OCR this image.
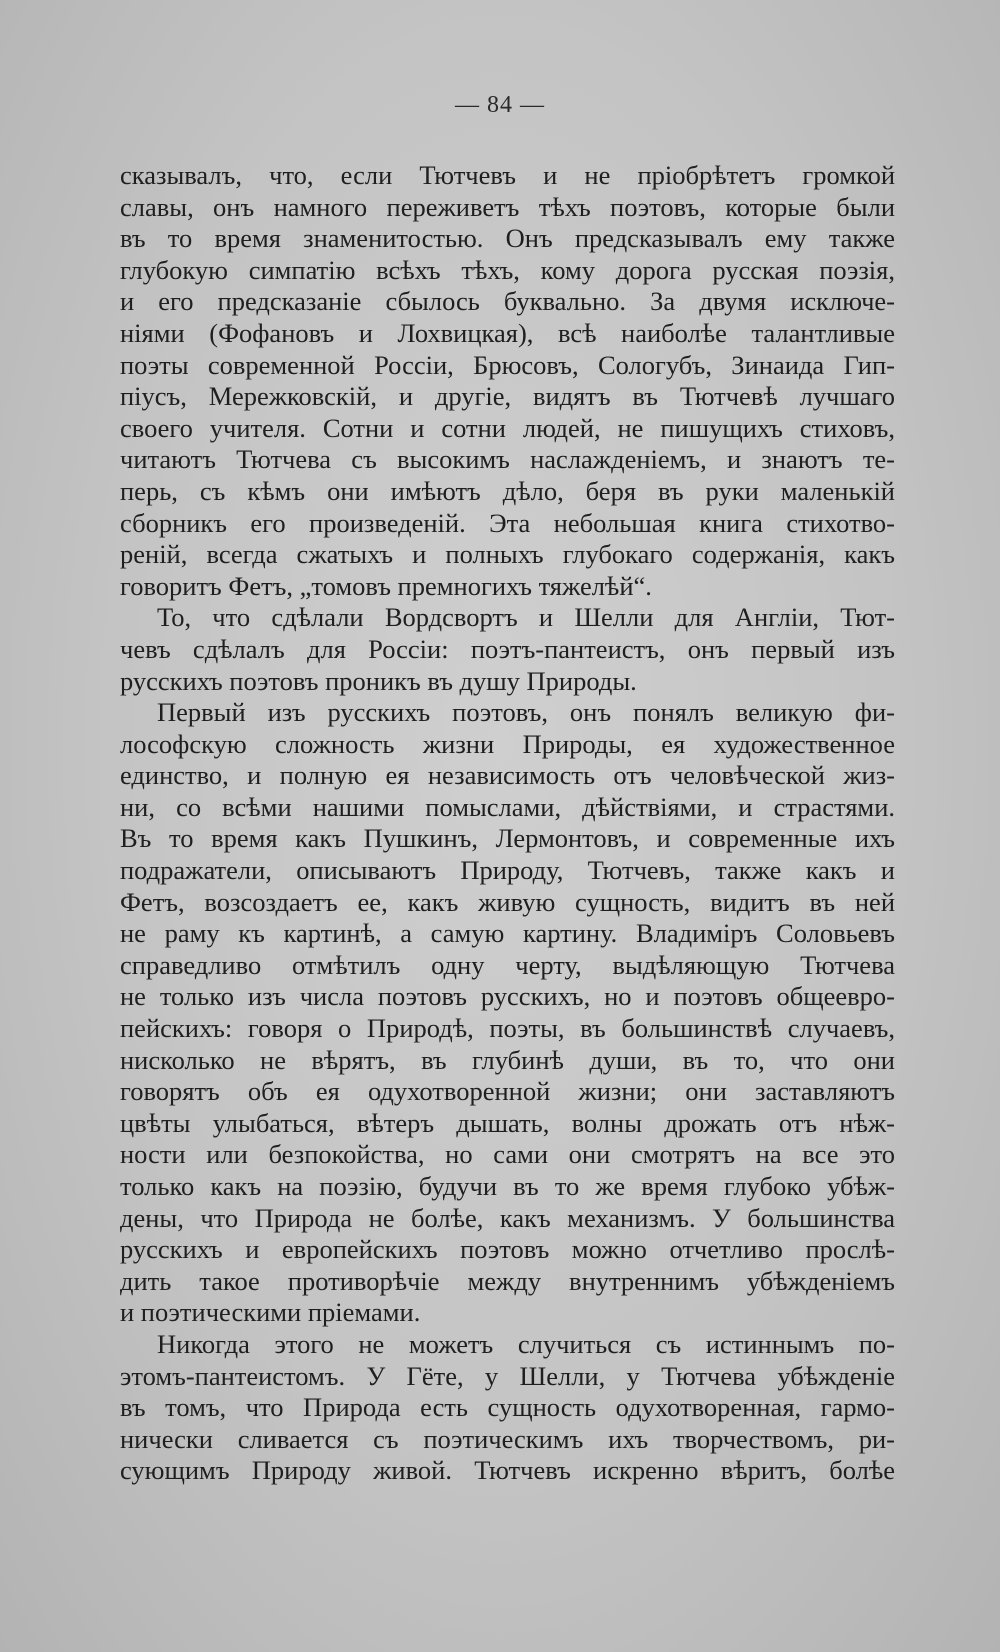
— 84 —

сказывалъ, что, если Тютчевъ и не пріобрѣтетъ громкой
славы, онъ намного переживетъ тѣхъ поэтовъ, которые были
въ то время знаменитостью. Онъ предсказывалъ ему также
глубокую симпатію всѣхъ тѣхъ, кому дорога русская поэзія,
и его предсказаніе сбылось буквально. За двумя исключе-
ніями (Фофановъ и Лохвицкая), всѣ наиболѣе талантливые
поэты современной Россіи, Брюсовъ, Сологубъ, Зинаида Гип-
піусъ, Мережковскій, и другіе, видятъ въ Тютчевѣ лучшаго
своего учителя. Сотни и сотни людей, не пишущихъ стиховъ,
читаютъ Тютчева съ высокимъ наслажденіемъ, и знаютъ те-
перь, съ кѣмъ они имѣютъ дѣло, беря въ руки маленькій
сборникъ его произведеній. Эта небольшая книга стихотво-
реній, всегда сжатыхъ и полныхъ глубокаго содержанія, какъ
говоритъ Фетъ, „томовъ премногихъ тяжелѣй“.

То, что сдѣлали Вордсвортъ и Шелли для Англіи, Тют-
чевъ сдѣлалъ для Россіи: поэтъ-пантеистъ, онъ первый изъ
русскихъ поэтовъ проникъ въ душу Природы.

Первый изъ русскихъ поэтовъ, онъ понялъ великую фи-
лософскую сложность жизни Природы, ея художественное
единство, и полную ея независимость отъ человѣческой жиз-
ни, со всѣми нашими помыслами, дѣйствіями, и страстями.
Въ то время какъ Пушкинъ, Лермонтовъ, и современные ихъ
подражатели, описываютъ Природу, Тютчевъ, также какъ и
Фетъ, возсоздаетъ ее, какъ живую сущность, видитъ въ ней
не раму къ картинѣ, а самую картину. Владиміръ Соловьевъ
справедливо отмѣтилъ одну черту, выдѣляющую Тютчева
не только изъ числа поэтовъ русскихъ, но и поэтовъ общеевро-
пейскихъ: говоря о Природѣ, поэты, въ большинствѣ случаевъ,
нисколько не вѣрятъ, въ глубинѣ души, въ то, что они
говорятъ объ ея одухотворенной жизни; они заставляютъ
цвѣты улыбаться, вѣтеръ дышать, волны дрожать отъ нѣж-
ности или безпокойства, но сами они смотрятъ на все это
только какъ на поэзію, будучи въ то же время глубоко убѣж-
дены, что Природа не болѣе, какъ механизмъ. У большинства
русскихъ и европейскихъ поэтовъ можно отчетливо прослѣ-
дить такое противорѣчіе между внутреннимъ убѣжденіемъ
и поэтическими пріемами.

Никогда этого не можетъ случиться съ истиннымъ по-
этомъ-пантеистомъ. У Гёте, у Шелли, у Тютчева убѣжденіе
въ томъ, что Природа есть сущность одухотворенная, гармо-
нически сливается съ поэтическимъ ихъ творчествомъ, ри-
сующимъ Природу живой. Тютчевъ искренно вѣритъ, болѣе
